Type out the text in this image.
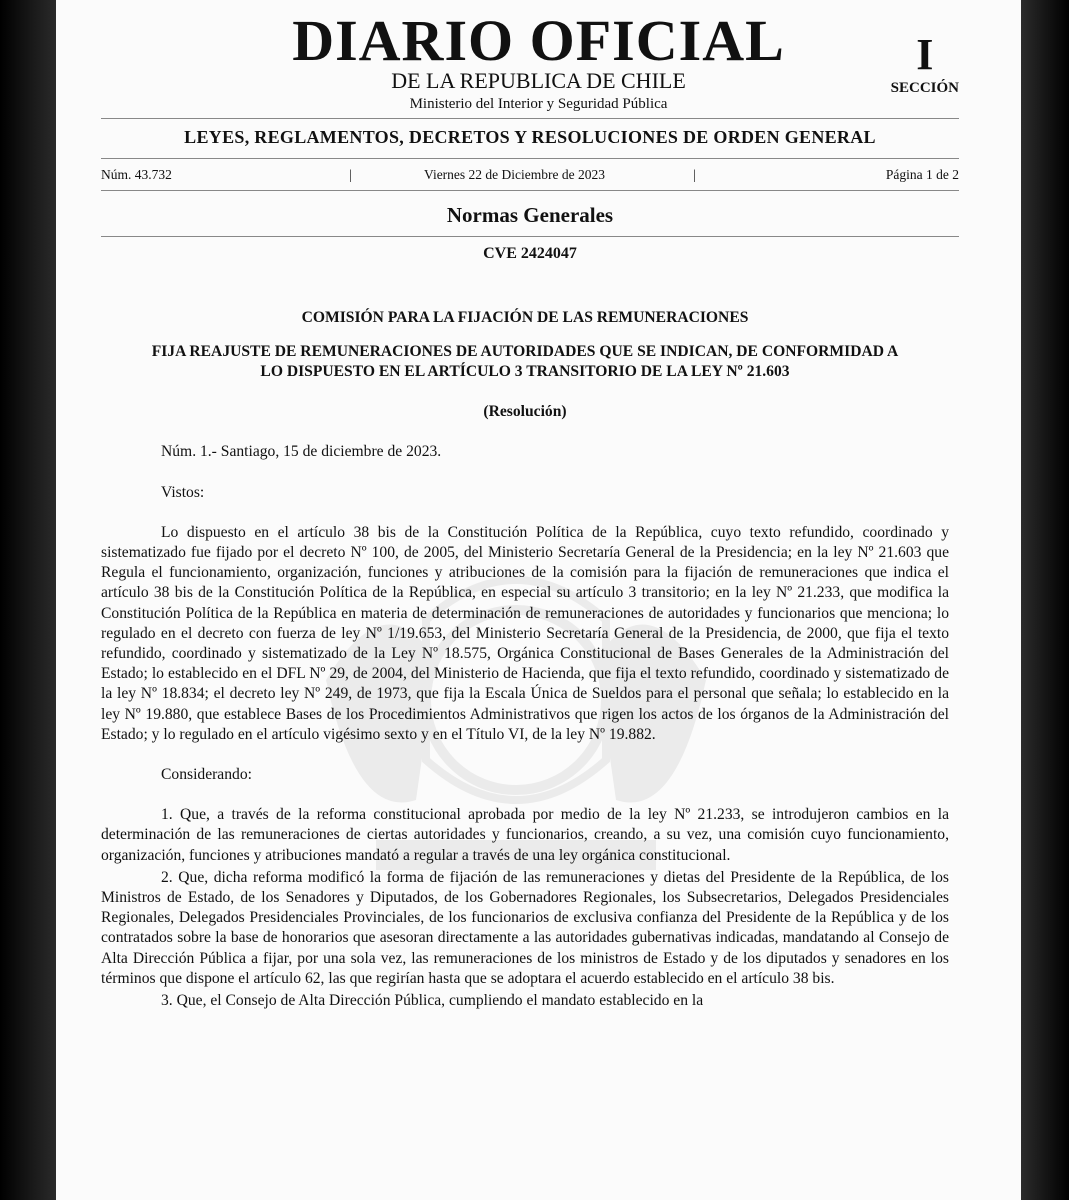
DIARIO OFICIAL
DE LA REPUBLICA DE CHILE
Ministerio del Interior y Seguridad Pública
I
SECCIÓN
LEYES, REGLAMENTOS, DECRETOS Y RESOLUCIONES DE ORDEN GENERAL
Núm. 43.732	|	Viernes 22 de Diciembre de 2023	|	Página 1 de 2
Normas Generales
CVE 2424047
COMISIÓN PARA LA FIJACIÓN DE LAS REMUNERACIONES
FIJA REAJUSTE DE REMUNERACIONES DE AUTORIDADES QUE SE INDICAN, DE CONFORMIDAD A LO DISPUESTO EN EL ARTÍCULO 3 TRANSITORIO DE LA LEY Nº 21.603
(Resolución)

Núm. 1.- Santiago, 15 de diciembre de 2023.

Vistos:

Lo dispuesto en el artículo 38 bis de la Constitución Política de la República, cuyo texto refundido, coordinado y sistematizado fue fijado por el decreto Nº 100, de 2005, del Ministerio Secretaría General de la Presidencia; en la ley Nº 21.603 que Regula el funcionamiento, organización, funciones y atribuciones de la comisión para la fijación de remuneraciones que indica el artículo 38 bis de la Constitución Política de la República, en especial su artículo 3 transitorio; en la ley Nº 21.233, que modifica la Constitución Política de la República en materia de determinación de remuneraciones de autoridades y funcionarios que menciona; lo regulado en el decreto con fuerza de ley Nº 1/19.653, del Ministerio Secretaría General de la Presidencia, de 2000, que fija el texto refundido, coordinado y sistematizado de la Ley Nº 18.575, Orgánica Constitucional de Bases Generales de la Administración del Estado; lo establecido en el DFL Nº 29, de 2004, del Ministerio de Hacienda, que fija el texto refundido, coordinado y sistematizado de la ley Nº 18.834; el decreto ley Nº 249, de 1973, que fija la Escala Única de Sueldos para el personal que señala; lo establecido en la ley Nº 19.880, que establece Bases de los Procedimientos Administrativos que rigen los actos de los órganos de la Administración del Estado; y lo regulado en el artículo vigésimo sexto y en el Título VI, de la ley Nº 19.882.

Considerando:

1. Que, a través de la reforma constitucional aprobada por medio de la ley Nº 21.233, se introdujeron cambios en la determinación de las remuneraciones de ciertas autoridades y funcionarios, creando, a su vez, una comisión cuyo funcionamiento, organización, funciones y atribuciones mandató a regular a través de una ley orgánica constitucional.

2. Que, dicha reforma modificó la forma de fijación de las remuneraciones y dietas del Presidente de la República, de los Ministros de Estado, de los Senadores y Diputados, de los Gobernadores Regionales, los Subsecretarios, Delegados Presidenciales Regionales, Delegados Presidenciales Provinciales, de los funcionarios de exclusiva confianza del Presidente de la República y de los contratados sobre la base de honorarios que asesoran directamente a las autoridades gubernativas indicadas, mandatando al Consejo de Alta Dirección Pública a fijar, por una sola vez, las remuneraciones de los ministros de Estado y de los diputados y senadores en los términos que dispone el artículo 62, las que regirían hasta que se adoptara el acuerdo establecido en el artículo 38 bis.

3. Que, el Consejo de Alta Dirección Pública, cumpliendo el mandato establecido en la
